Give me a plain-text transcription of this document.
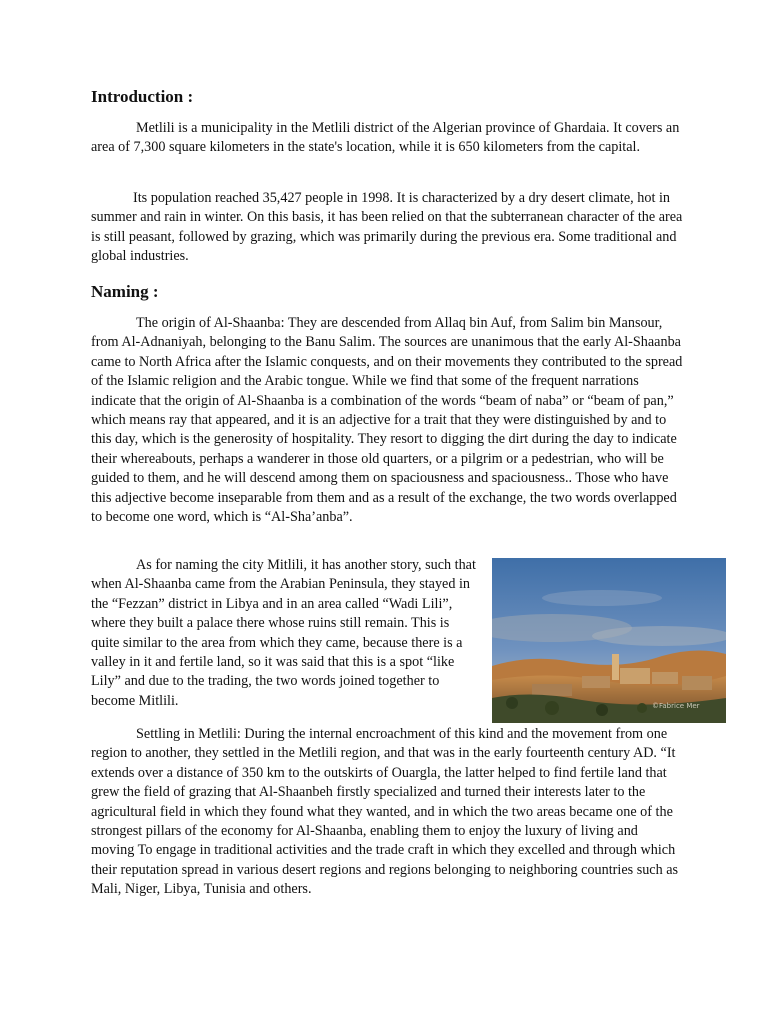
Introduction :

Metlili is a municipality in the Metlili district of the Algerian province of Ghardaia. It covers an area of 7,300 square kilometers in the state's location, while it is 650 kilometers from the capital.

Its population reached 35,427 people in 1998. It is characterized by a dry desert climate, hot in summer and rain in winter. On this basis, it has been relied on that the subterranean character of the area is still peasant, followed by grazing, which was primarily during the previous era. Some traditional and global industries.

Naming :

The origin of Al-Shaanba: They are descended from Allaq bin Auf, from Salim bin Mansour, from Al-Adnaniyah, belonging to the Banu Salim. The sources are unanimous that the early Al-Shaanba came to North Africa after the Islamic conquests, and on their movements they contributed to the spread of the Islamic religion and the Arabic tongue. While we find that some of the frequent narrations indicate that the origin of Al-Shaanba is a combination of the words “beam of naba” or “beam of pan,” which means ray that appeared, and it is an adjective for a trait that they were distinguished by and to this day, which is the generosity of hospitality. They resort to digging the dirt during the day to indicate their whereabouts, perhaps a wanderer in those old quarters, or a pilgrim or a pedestrian, who will be guided to them, and he will descend among them on spaciousness and spaciousness.. Those who have this adjective become inseparable from them and as a result of the exchange, the two words overlapped to become one word, which is “Al-Sha’anba”.

As for naming the city Mitlili, it has another story, such that when Al-Shaanba came from the Arabian Peninsula, they stayed in the “Fezzan” district in Libya and in an area called “Wadi Lili”, where they built a palace there whose ruins still remain. This is quite similar to the area from which they came, because there is a valley in it and fertile land, so it was said that this is a spot “like Lily” and due to the trading, the two words joined together to become Mitlili.	©Fabrice Mer

Settling in Metlili: During the internal encroachment of this kind and the movement from one region to another, they settled in the Metlili region, and that was in the early fourteenth century AD. “It extends over a distance of 350 km to the outskirts of Ouargla, the latter helped to find fertile land that grew the field of grazing that Al-Shaanbeh firstly specialized and turned their interests later to the agricultural field in which they found what they wanted, and in which the two areas became one of the strongest pillars of the economy for Al-Shaanba, enabling them to enjoy the luxury of living and moving To engage in traditional activities and the trade craft in which they excelled and through which their reputation spread in various desert regions and regions belonging to neighboring countries such as Mali, Niger, Libya, Tunisia and others.
